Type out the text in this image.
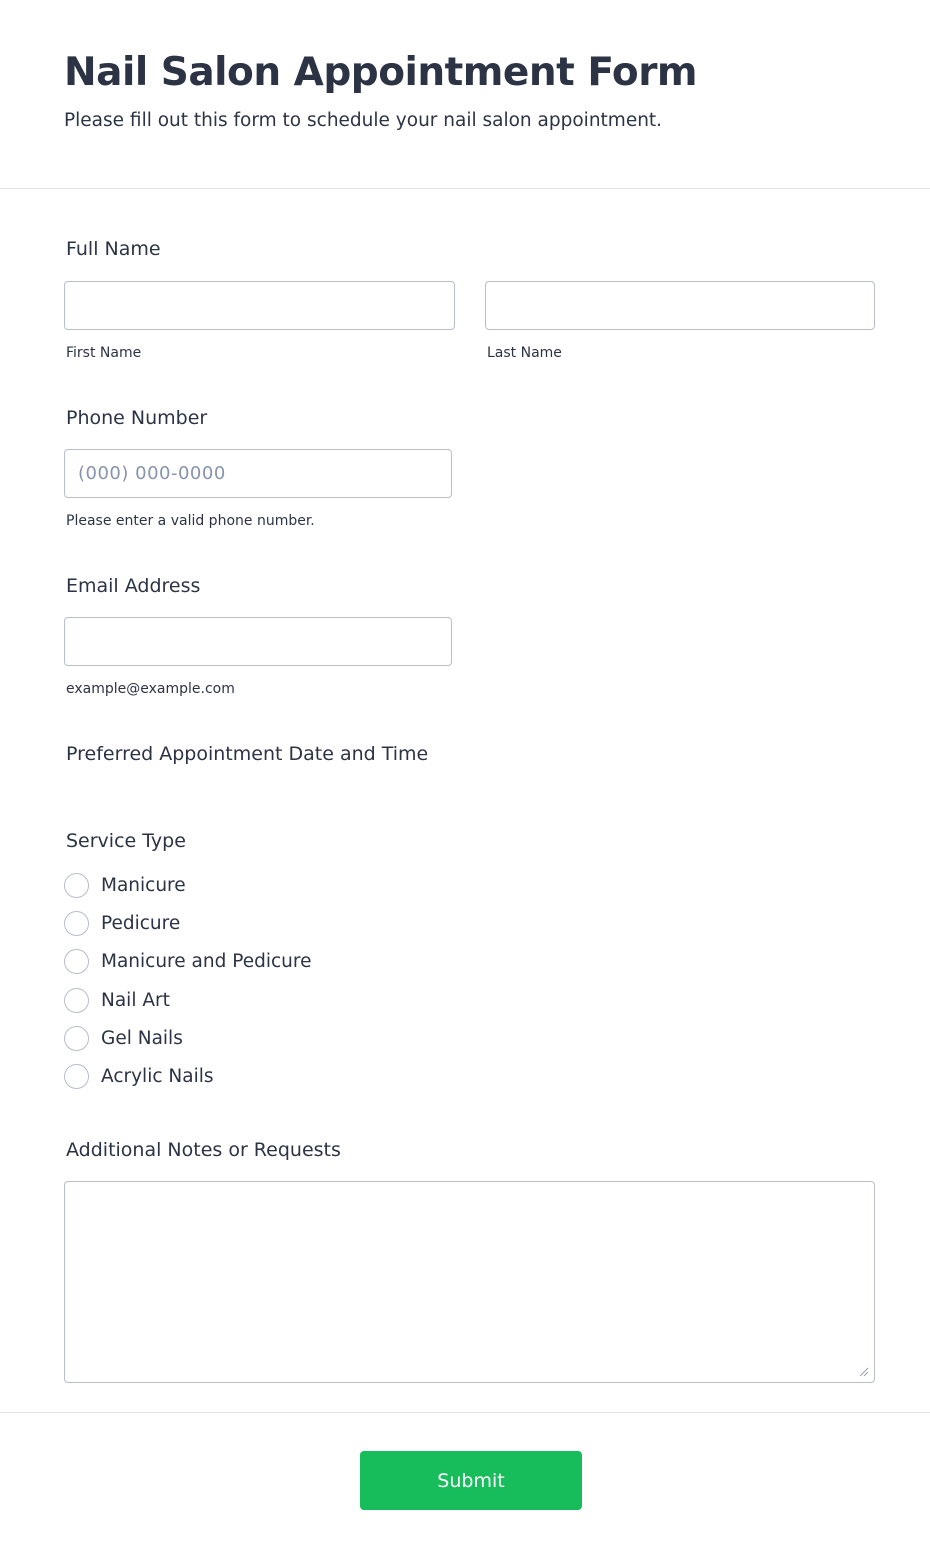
Nail Salon Appointment Form

Please fill out this form to schedule your nail salon appointment.

Full Name
First Name	Last Name
Phone Number
(000) 000-0000
Please enter a valid phone number.
Email Address
example@example.com
Preferred Appointment Date and Time
Service Type
Manicure
Pedicure
Manicure and Pedicure
Nail Art
Gel Nails
Acrylic Nails
Additional Notes or Requests
Submit
